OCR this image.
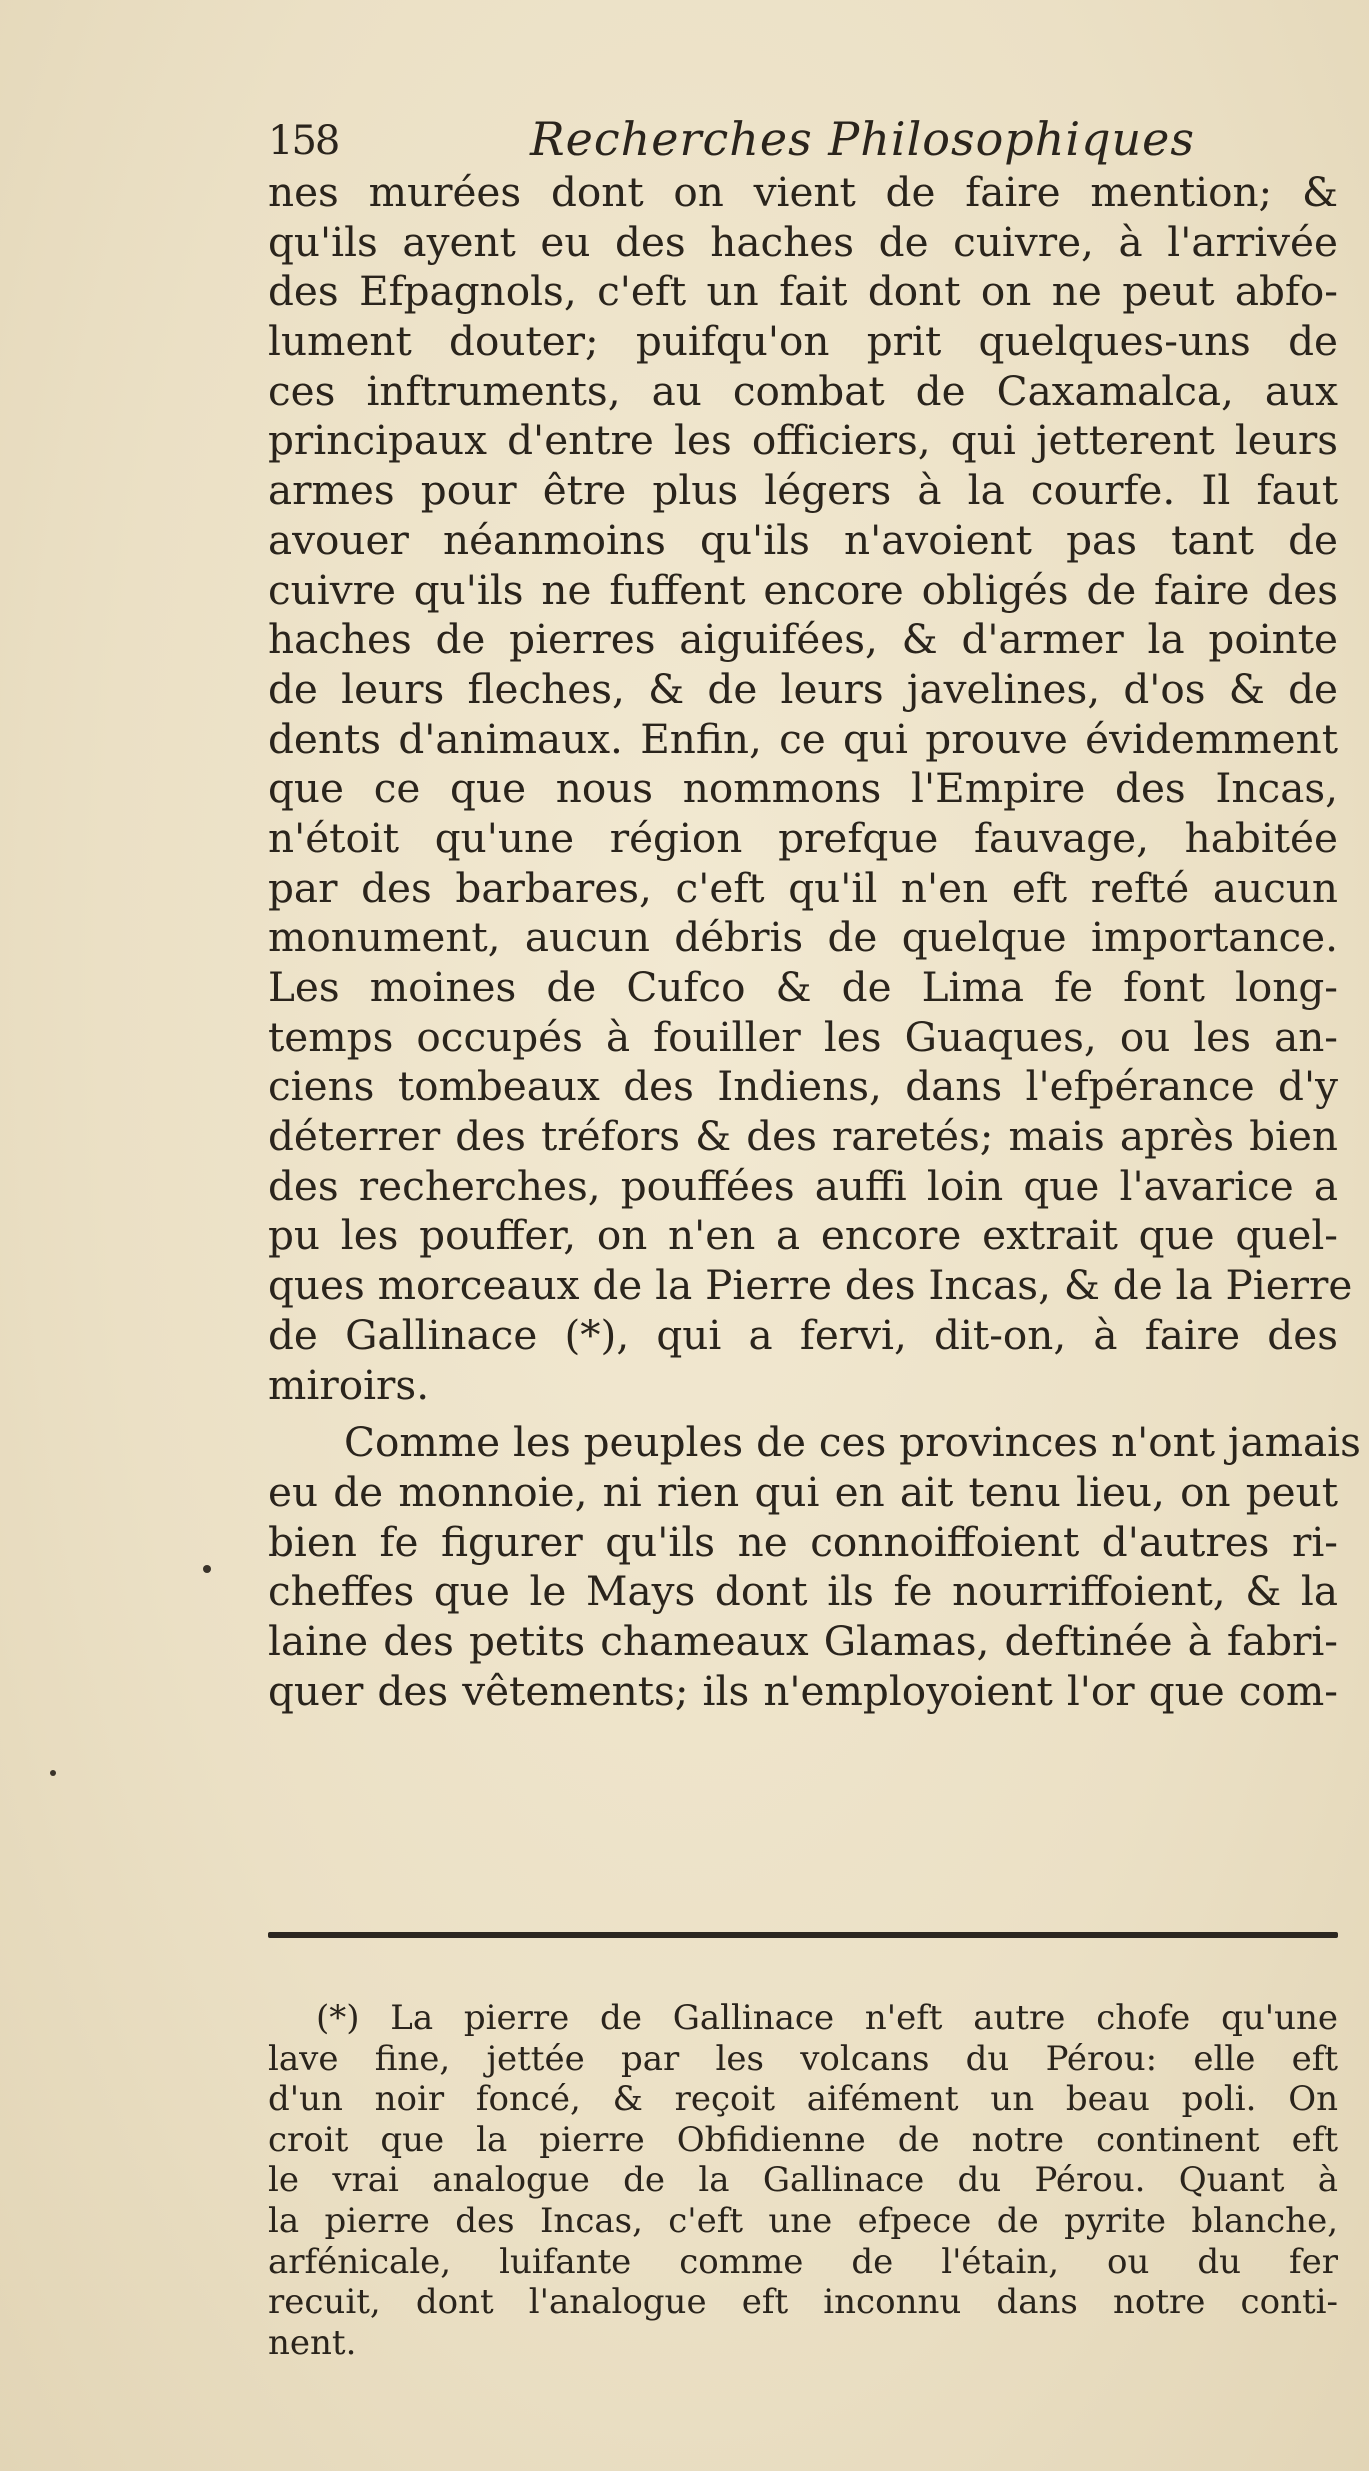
158	Recherches Philosophiques
nes murées dont on vient de faire mention; &
qu'ils ayent eu des haches de cuivre, à l'arrivée
des Efpagnols, c'eft un fait dont on ne peut abfo-
lument douter; puifqu'on prit quelques-uns de
ces inftruments, au combat de Caxamalca, aux
principaux d'entre les officiers, qui jetterent leurs
armes pour être plus légers à la courfe. Il faut
avouer néanmoins qu'ils n'avoient pas tant de
cuivre qu'ils ne fuffent encore obligés de faire des
haches de pierres aiguifées, & d'armer la pointe
de leurs fleches, & de leurs javelines, d'os & de
dents d'animaux. Enfin, ce qui prouve évidemment
que ce que nous nommons l'Empire des Incas,
n'étoit qu'une région prefque fauvage, habitée
par des barbares, c'eft qu'il n'en eft refté aucun
monument, aucun débris de quelque importance.
Les moines de Cufco & de Lima fe font long-
temps occupés à fouiller les Guaques, ou les an-
ciens tombeaux des Indiens, dans l'efpérance d'y
déterrer des tréfors & des raretés; mais après bien
des recherches, pouffées auffi loin que l'avarice a
pu les pouffer, on n'en a encore extrait que quel-
ques morceaux de la Pierre des Incas, & de la Pierre
de Gallinace (*), qui a fervi, dit-on, à faire des
miroirs.
Comme les peuples de ces provinces n'ont jamais
eu de monnoie, ni rien qui en ait tenu lieu, on peut
bien fe figurer qu'ils ne connoiffoient d'autres ri-
cheffes que le Mays dont ils fe nourriffoient, & la
laine des petits chameaux Glamas, deftinée à fabri-
quer des vêtements; ils n'employoient l'or que com-
(*) La pierre de Gallinace n'eft autre chofe qu'une
lave fine, jettée par les volcans du Pérou: elle eft
d'un noir foncé, & reçoit aifément un beau poli. On
croit que la pierre Obfidienne de notre continent eft
le vrai analogue de la Gallinace du Pérou. Quant à
la pierre des Incas, c'eft une efpece de pyrite blanche,
arfénicale, luifante comme de l'étain, ou du fer
recuit, dont l'analogue eft inconnu dans notre conti-
nent.
